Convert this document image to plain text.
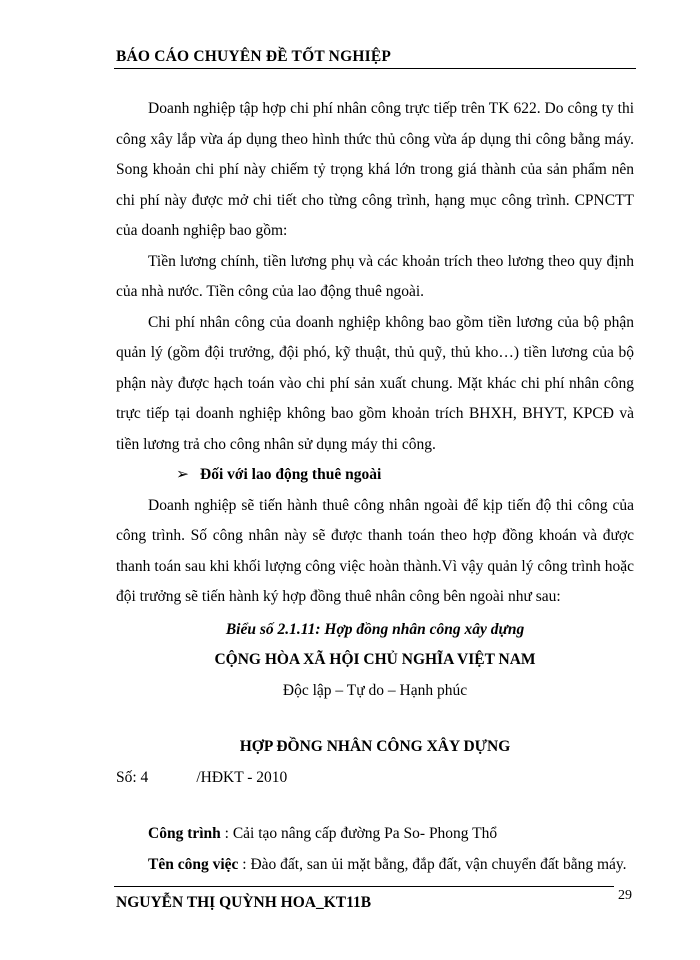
BÁO CÁO CHUYÊN ĐỀ TỐT NGHIỆP

Doanh nghiệp tập hợp chi phí nhân công trực tiếp trên TK 622. Do công ty thi công xây lắp vừa áp dụng theo hình thức thủ công vừa áp dụng thi công bằng máy. Song khoản chi phí này chiếm tỷ trọng khá lớn trong giá thành của sản phẩm nên chi phí này được mở chi tiết cho từng công trình, hạng mục công trình. CPNCTT của doanh nghiệp bao gồm:

Tiền lương chính, tiền lương phụ và các khoản trích theo lương theo quy định của nhà nước. Tiền công của lao động thuê ngoài.

Chi phí nhân công của doanh nghiệp không bao gồm tiền lương của bộ phận quản lý (gồm đội trưởng, đội phó, kỹ thuật, thủ quỹ, thủ kho…) tiền lương của bộ phận này được hạch toán vào chi phí sản xuất chung. Mặt khác chi phí nhân công trực tiếp tại doanh nghiệp không bao gồm khoản trích BHXH, BHYT, KPCĐ và tiền lương trả cho công nhân sử dụng máy thi công.

➢ Đối với lao động thuê ngoài

Doanh nghiệp sẽ tiến hành thuê công nhân ngoài để kịp tiến độ thi công của công trình. Số công nhân này sẽ được thanh toán theo hợp đồng khoán và được thanh toán sau khi khối lượng công việc hoàn thành.Vì vậy quản lý công trình hoặc đội trưởng sẽ tiến hành ký hợp đồng thuê nhân công bên ngoài như sau:

Biểu số 2.1.11: Hợp đồng nhân công xây dựng

CỘNG HÒA XÃ HỘI CHỦ NGHĨA VIỆT NAM

Độc lập – Tự do – Hạnh phúc

HỢP ĐỒNG NHÂN CÔNG XÂY DỰNG

Số: 4	/HĐKT - 2010

Công trình : Cải tạo nâng cấp đường Pa So- Phong Thổ

Tên công việc : Đào đất, san ủi mặt bằng, đắp đất, vận chuyển đất bằng máy.

NGUYỄN THỊ QUỲNH HOA_KT11B	29
